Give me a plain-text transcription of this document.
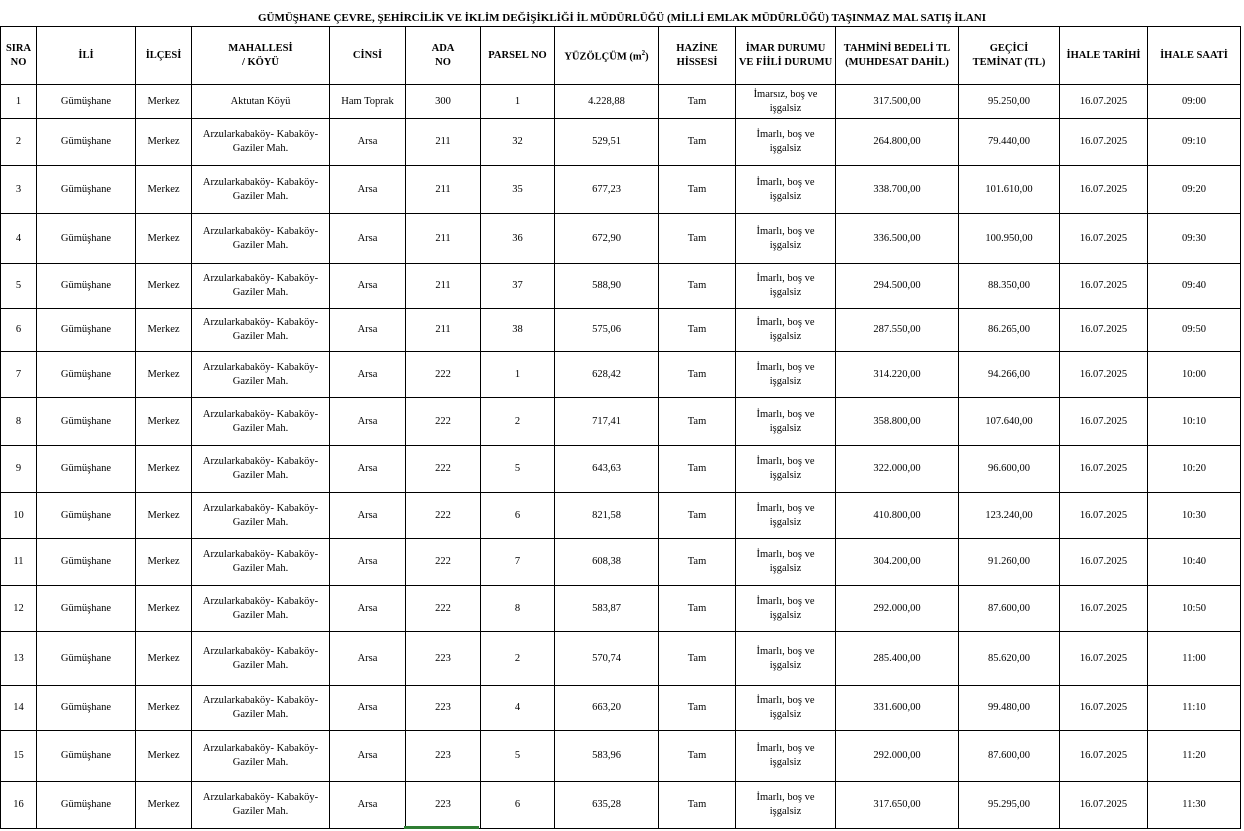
GÜMÜŞHANE ÇEVRE, ŞEHİRCİLİK VE İKLİM DEĞİŞİKLİĞİ İL MÜDÜRLÜĞÜ (MİLLİ EMLAK MÜDÜRLÜĞÜ) TAŞINMAZ MAL SATIŞ İLANI
SIRA
NO	İLİ	İLÇESİ	MAHALLESİ
/ KÖYÜ	CİNSİ	ADA
NO	PARSEL NO	YÜZÖLÇÜM $(m^2)$	HAZİNE
HİSSESİ	İMAR DURUMU
VE FİİLİ DURUMU	TAHMİNİ BEDELİ TL
(MUHDESAT DAHİL)	GEÇİCİ
TEMİNAT (TL)	İHALE TARİHİ	İHALE SAATİ
1	Gümüşhane	Merkez	Aktutan Köyü	Ham Toprak	300	1	4.228,88	Tam	İmarsız, boş ve
işgalsiz	317.500,00	95.250,00	16.07.2025	09:00
2	Gümüşhane	Merkez	Arzularkabaköy- Kabaköy-
Gaziler Mah.	Arsa	211	32	529,51	Tam	İmarlı, boş ve
işgalsiz	264.800,00	79.440,00	16.07.2025	09:10
3	Gümüşhane	Merkez	Arzularkabaköy- Kabaköy-
Gaziler Mah.	Arsa	211	35	677,23	Tam	İmarlı, boş ve
işgalsiz	338.700,00	101.610,00	16.07.2025	09:20
4	Gümüşhane	Merkez	Arzularkabaköy- Kabaköy-
Gaziler Mah.	Arsa	211	36	672,90	Tam	İmarlı, boş ve
işgalsiz	336.500,00	100.950,00	16.07.2025	09:30
5	Gümüşhane	Merkez	Arzularkabaköy- Kabaköy-
Gaziler Mah.	Arsa	211	37	588,90	Tam	İmarlı, boş ve
işgalsiz	294.500,00	88.350,00	16.07.2025	09:40
6	Gümüşhane	Merkez	Arzularkabaköy- Kabaköy-
Gaziler Mah.	Arsa	211	38	575,06	Tam	İmarlı, boş ve
işgalsiz	287.550,00	86.265,00	16.07.2025	09:50
7	Gümüşhane	Merkez	Arzularkabaköy- Kabaköy-
Gaziler Mah.	Arsa	222	1	628,42	Tam	İmarlı, boş ve
işgalsiz	314.220,00	94.266,00	16.07.2025	10:00
8	Gümüşhane	Merkez	Arzularkabaköy- Kabaköy-
Gaziler Mah.	Arsa	222	2	717,41	Tam	İmarlı, boş ve
işgalsiz	358.800,00	107.640,00	16.07.2025	10:10
9	Gümüşhane	Merkez	Arzularkabaköy- Kabaköy-
Gaziler Mah.	Arsa	222	5	643,63	Tam	İmarlı, boş ve
işgalsiz	322.000,00	96.600,00	16.07.2025	10:20
10	Gümüşhane	Merkez	Arzularkabaköy- Kabaköy-
Gaziler Mah.	Arsa	222	6	821,58	Tam	İmarlı, boş ve
işgalsiz	410.800,00	123.240,00	16.07.2025	10:30
11	Gümüşhane	Merkez	Arzularkabaköy- Kabaköy-
Gaziler Mah.	Arsa	222	7	608,38	Tam	İmarlı, boş ve
işgalsiz	304.200,00	91.260,00	16.07.2025	10:40
12	Gümüşhane	Merkez	Arzularkabaköy- Kabaköy-
Gaziler Mah.	Arsa	222	8	583,87	Tam	İmarlı, boş ve
işgalsiz	292.000,00	87.600,00	16.07.2025	10:50
13	Gümüşhane	Merkez	Arzularkabaköy- Kabaköy-
Gaziler Mah.	Arsa	223	2	570,74	Tam	İmarlı, boş ve
işgalsiz	285.400,00	85.620,00	16.07.2025	11:00
14	Gümüşhane	Merkez	Arzularkabaköy- Kabaköy-
Gaziler Mah.	Arsa	223	4	663,20	Tam	İmarlı, boş ve
işgalsiz	331.600,00	99.480,00	16.07.2025	11:10
15	Gümüşhane	Merkez	Arzularkabaköy- Kabaköy-
Gaziler Mah.	Arsa	223	5	583,96	Tam	İmarlı, boş ve
işgalsiz	292.000,00	87.600,00	16.07.2025	11:20
16	Gümüşhane	Merkez	Arzularkabaköy- Kabaköy-
Gaziler Mah.	Arsa	223	6	635,28	Tam	İmarlı, boş ve
işgalsiz	317.650,00	95.295,00	16.07.2025	11:30
